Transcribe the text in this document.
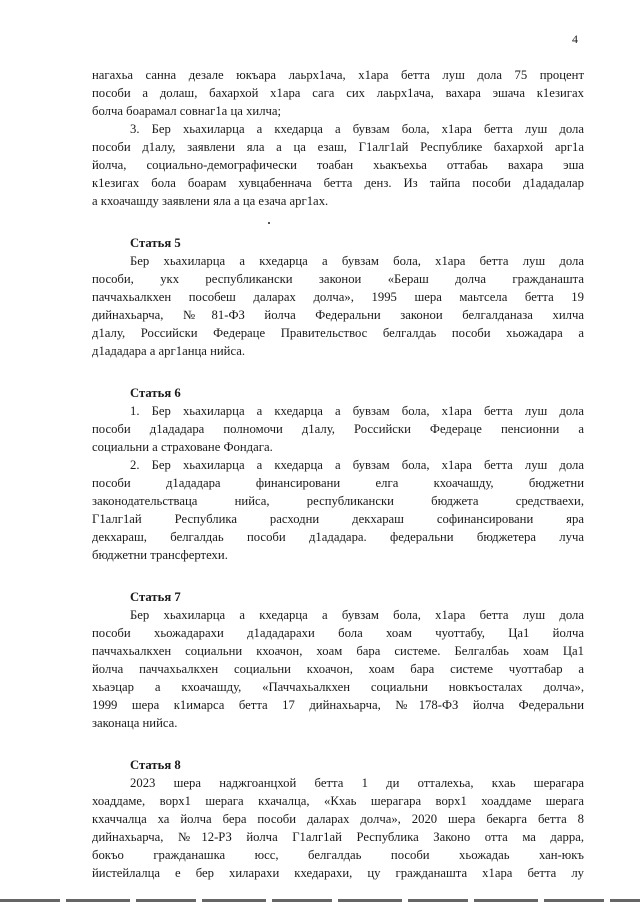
4
нагахьа санна дезале юкъара лаьрх1ача, х1ара бетта луш дола 75 процент
пособи а долаш, бахархой х1ара сага сих лаьрх1ача, вахара эшача к1езигах
болча боарамал совнаг1а ца хилча;
3. Бер хьахиларца а кхедарца а бувзам бола, х1ара бетта луш дола
пособи д1алу, заявлени яла а ца езаш, Г1алг1ай Республике бахархой арг1а
йолча, социально-демографически тоабан хьакъехьа оттабаь вахара эша
к1езигах бола боарам хувцабеннача бетта денз. Из тайпа пособи д1ададалар
а кхоачашду заявлени яла а ца езача арг1ах.
Статья 5
Бер хьахиларца а кхедарца а бувзам бола, х1ара бетта луш дола
пособи, укх республикански законои «Бераш долча гражданашта
паччахьалкхен пособеш даларах долча», 1995 шера маьтсела бетта 19
дийнахьарча, №81-ФЗ йолча Федеральни законои белгалданаза хилча
д1алу, Российски Федераце Правительствос белгалдаь пособи хьожадара а
д1ададара а арг1анца нийса.
Статья 6
1. Бер хьахиларца а кхедарца а бувзам бола, х1ара бетта луш дола
пособи д1ададара полномочи д1алу, Российски Федераце пенсионни а
социальни а страховане Фондага.
2. Бер хьахиларца а кхедарца а бувзам бола, х1ара бетта луш дола
пособи д1ададара финансировани елга кхоачашду, бюджетни
законодательстваца нийса, республикански бюджета средстваехи,
Г1алг1ай Республика расходни декхараш софинансировани яра
декхараш, белгалдаь пособи д1ададара. федеральни бюджетера луча
бюджетни трансфертехи.
Статья 7
Бер хьахиларца а кхедарца а бувзам бола, х1ара бетта луш дола
пособи хьожадарахи д1ададарахи бола хоам чуоттабу, Ца1 йолча
паччахьалкхен социальни кхоачон, хоам бара системе. Белгалбаь хоам Ца1
йолча паччахьалкхен социальни кхоачон, хоам бара системе чуоттабар а
хьаэцар а кхоачашду, «Паччахьалкхен социальни новкъосталах долча»,
1999 шера к1имарса бетта 17 дийнахьарча, №178-ФЗ йолча Федеральни
законаца нийса.
Статья 8
2023 шера наджгоанцхой бетта 1 ди отталехьа, кхаь шерагара
хоаддаме, ворх1 шерага кхачалца, «Кхаь шерагара ворх1 хоаддаме шерага
кхаччалца ха йолча бера пособи даларах долча», 2020 шера бекарга бетта 8
дийнахьарча, №12-РЗ йолча Г1алг1ай Республика Законо отта ма дарра,
бокъо гражданашка юсс, белгалдаь пособи хьожадаь хан-юкъ
йистейлалца е бер хиларахи кхедарахи, цу гражданашта х1ара бетта лу
